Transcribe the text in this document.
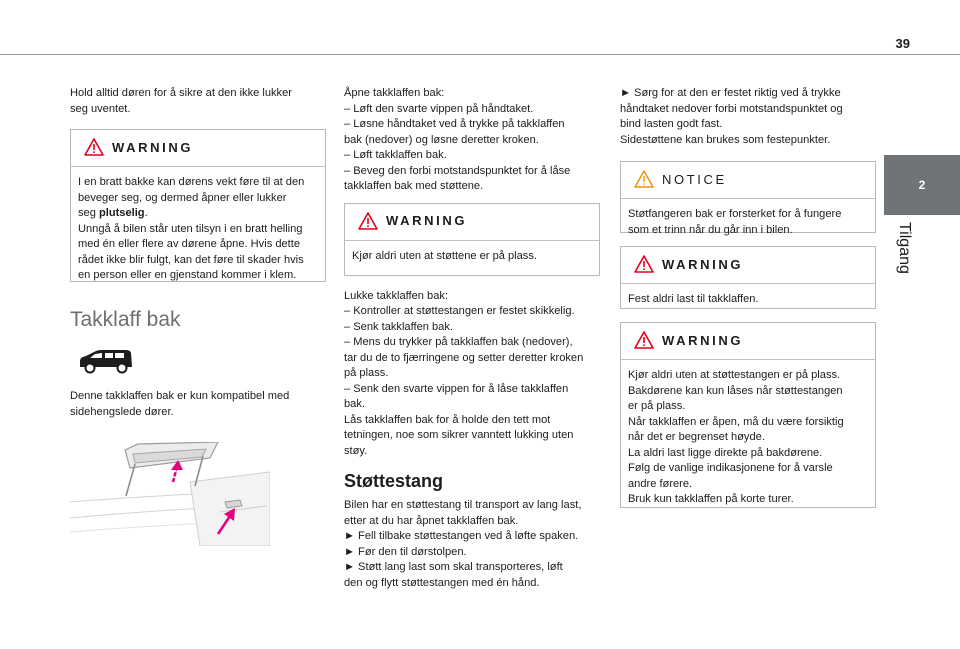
39
2
Tilgang

Hold alltid døren for å sikre at den ikke lukker
seg uventet.

WARNING

I en bratt bakke kan dørens vekt føre til at den
beveger seg, og dermed åpner eller lukker
seg plutselig.
Unngå å bilen står uten tilsyn i en bratt helling
med én eller flere av dørene åpne. Hvis dette
rådet ikke blir fulgt, kan det føre til skader hvis
en person eller en gjenstand kommer i klem.

Takklaff bak

Denne takklaffen bak er kun kompatibel med
sidehengslede dører.

Åpne takklaffen bak:
– Løft den svarte vippen på håndtaket.
– Løsne håndtaket ved å trykke på takklaffen
bak (nedover) og løsne deretter kroken.
– Løft takklaffen bak.
– Beveg den forbi motstandspunktet for å låse
takklaffen bak med støttene.

WARNING

Kjør aldri uten at støttene er på plass.

Lukke takklaffen bak:
– Kontroller at støttestangen er festet skikkelig.
– Senk takklaffen bak.
– Mens du trykker på takklaffen bak (nedover),
tar du de to fjærringene og setter deretter kroken
på plass.
– Senk den svarte vippen for å låse takklaffen
bak.
Lås takklaffen bak for å holde den tett mot
tetningen, noe som sikrer vanntett lukking uten
støy.

Støttestang

Bilen har en støttestang til transport av lang last,
etter at du har åpnet takklaffen bak.
► Fell tilbake støttestangen ved å løfte spaken.
► Før den til dørstolpen.
► Støtt lang last som skal transporteres, løft
den og flytt støttestangen med én hånd.

► Sørg for at den er festet riktig ved å trykke
håndtaket nedover forbi motstandspunktet og
bind lasten godt fast.
Sidestøttene kan brukes som festepunkter.

NOTICE

Støtfangeren bak er forsterket for å fungere
som et trinn når du går inn i bilen.

WARNING

Fest aldri last til takklaffen.

WARNING

Kjør aldri uten at støttestangen er på plass.
Bakdørene kan kun låses når støttestangen
er på plass.
Når takklaffen er åpen, må du være forsiktig
når det er begrenset høyde.
La aldri last ligge direkte på bakdørene.
Følg de vanlige indikasjonene for å varsle
andre førere.
Bruk kun takklaffen på korte turer.
